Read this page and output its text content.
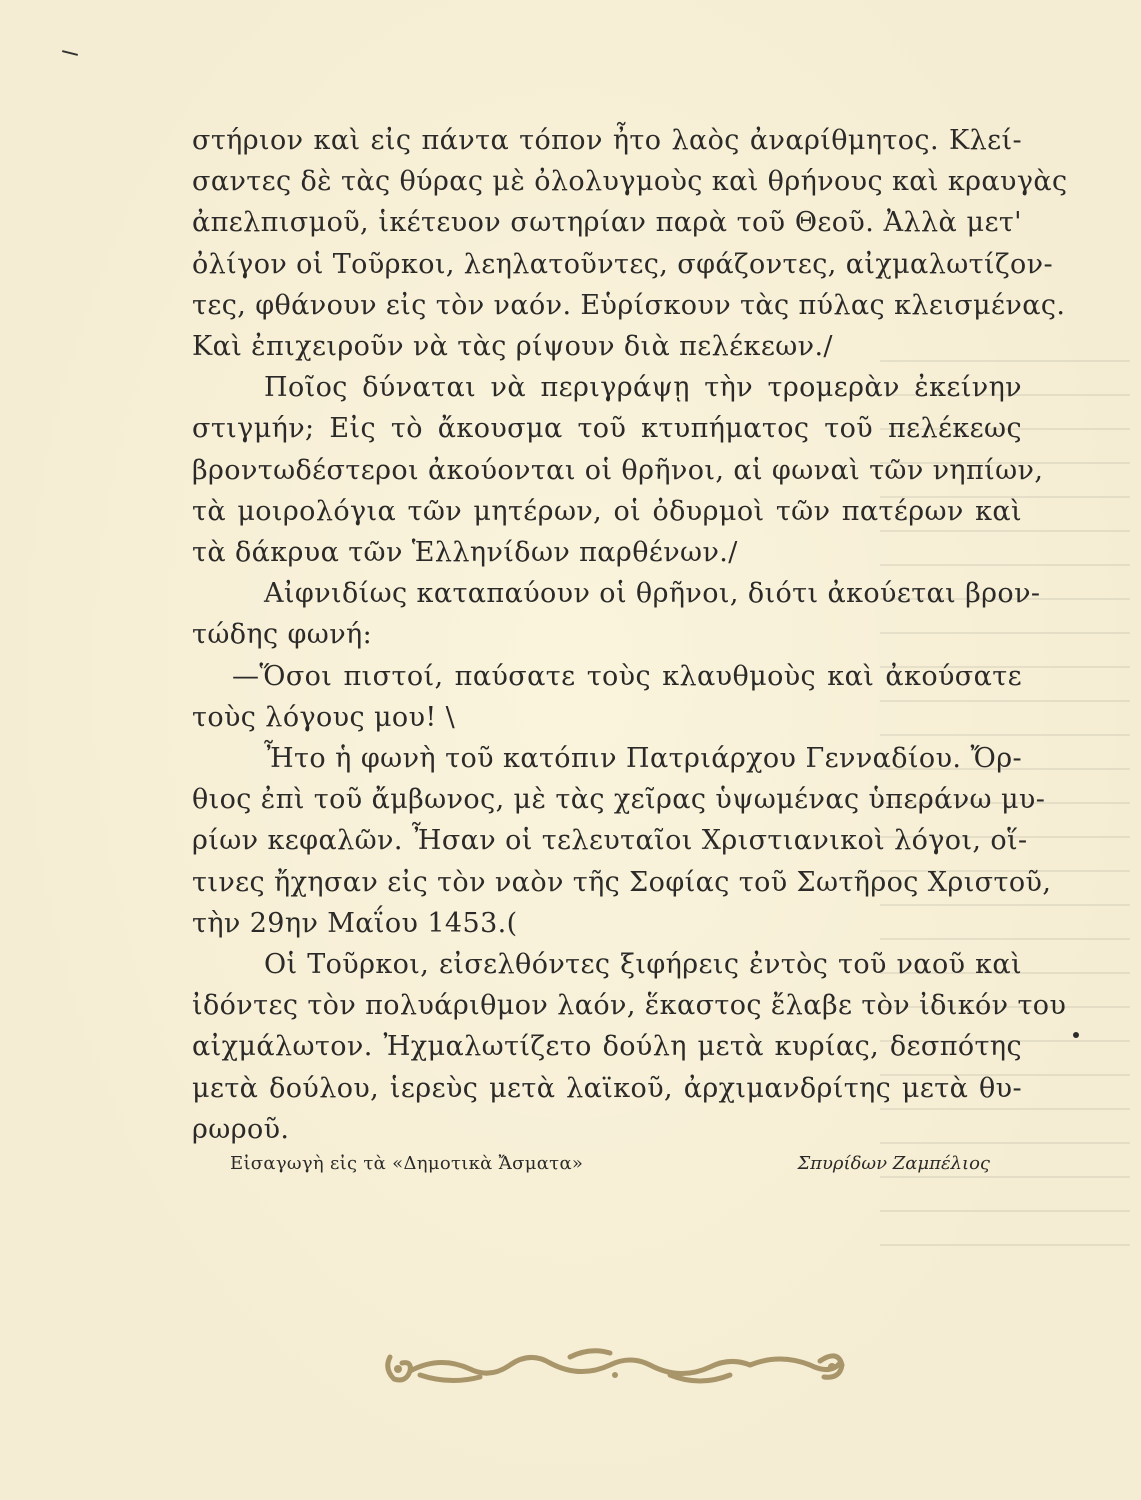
στήριον καὶ εἰς πάντα τόπον ἦτο λαὸς ἀναρίθμητος. Κλεί-
σαντες δὲ τὰς θύρας μὲ ὀλολυγμοὺς καὶ θρήνους καὶ κραυγὰς
ἀπελπισμοῦ, ἱκέτευον σωτηρίαν παρὰ τοῦ Θεοῦ. Ἀλλὰ μετ'
ὀλίγον οἱ Τοῦρκοι, λεηλατοῦντες, σφάζοντες, αἰχμαλωτίζον-
τες, φθάνουν εἰς τὸν ναόν. Εὑρίσκουν τὰς πύλας κλεισμένας.
Καὶ ἐπιχειροῦν νὰ τὰς ρίψουν διὰ πελέκεων./
Ποῖος δύναται νὰ περιγράψῃ τὴν τρομερὰν ἐκείνην
στιγμήν; Εἰς τὸ ἄκουσμα τοῦ κτυπήματος τοῦ πελέκεως
βροντωδέστεροι ἀκούονται οἱ θρῆνοι, αἱ φωναὶ τῶν νηπίων,
τὰ μοιρολόγια τῶν μητέρων, οἱ ὀδυρμοὶ τῶν πατέρων καὶ
τὰ δάκρυα τῶν Ἑλληνίδων παρθένων./
Αἰφνιδίως καταπαύουν οἱ θρῆνοι, διότι ἀκούεται βρον-
τώδης φωνή:
—Ὅσοι πιστοί, παύσατε τοὺς κλαυθμοὺς καὶ ἀκούσατε
τοὺς λόγους μου! \
Ἦτο ἡ φωνὴ τοῦ κατόπιν Πατριάρχου Γενναδίου. Ὄρ-
θιος ἐπὶ τοῦ ἄμβωνος, μὲ τὰς χεῖρας ὑψωμένας ὑπεράνω μυ-
ρίων κεφαλῶν. Ἦσαν οἱ τελευταῖοι Χριστιανικοὶ λόγοι, οἵ-
τινες ἤχησαν εἰς τὸν ναὸν τῆς Σοφίας τοῦ Σωτῆρος Χριστοῦ,
τὴν 29ην Μαΐου 1453.(
Οἱ Τοῦρκοι, εἰσελθόντες ξιφήρεις ἐντὸς τοῦ ναοῦ καὶ
ἰδόντες τὸν πολυάριθμον λαόν, ἕκαστος ἔλαβε τὸν ἰδικόν του
αἰχμάλωτον. Ἠχμαλωτίζετο δούλη μετὰ κυρίας, δεσπότης
μετὰ δούλου, ἱερεὺς μετὰ λαϊκοῦ, ἀρχιμανδρίτης μετὰ θυ-
ρωροῦ.
Εἰσαγωγὴ εἰς τὰ «Δημοτικὰ Ἄσματα»	Σπυρίδων Ζαμπέλιος
